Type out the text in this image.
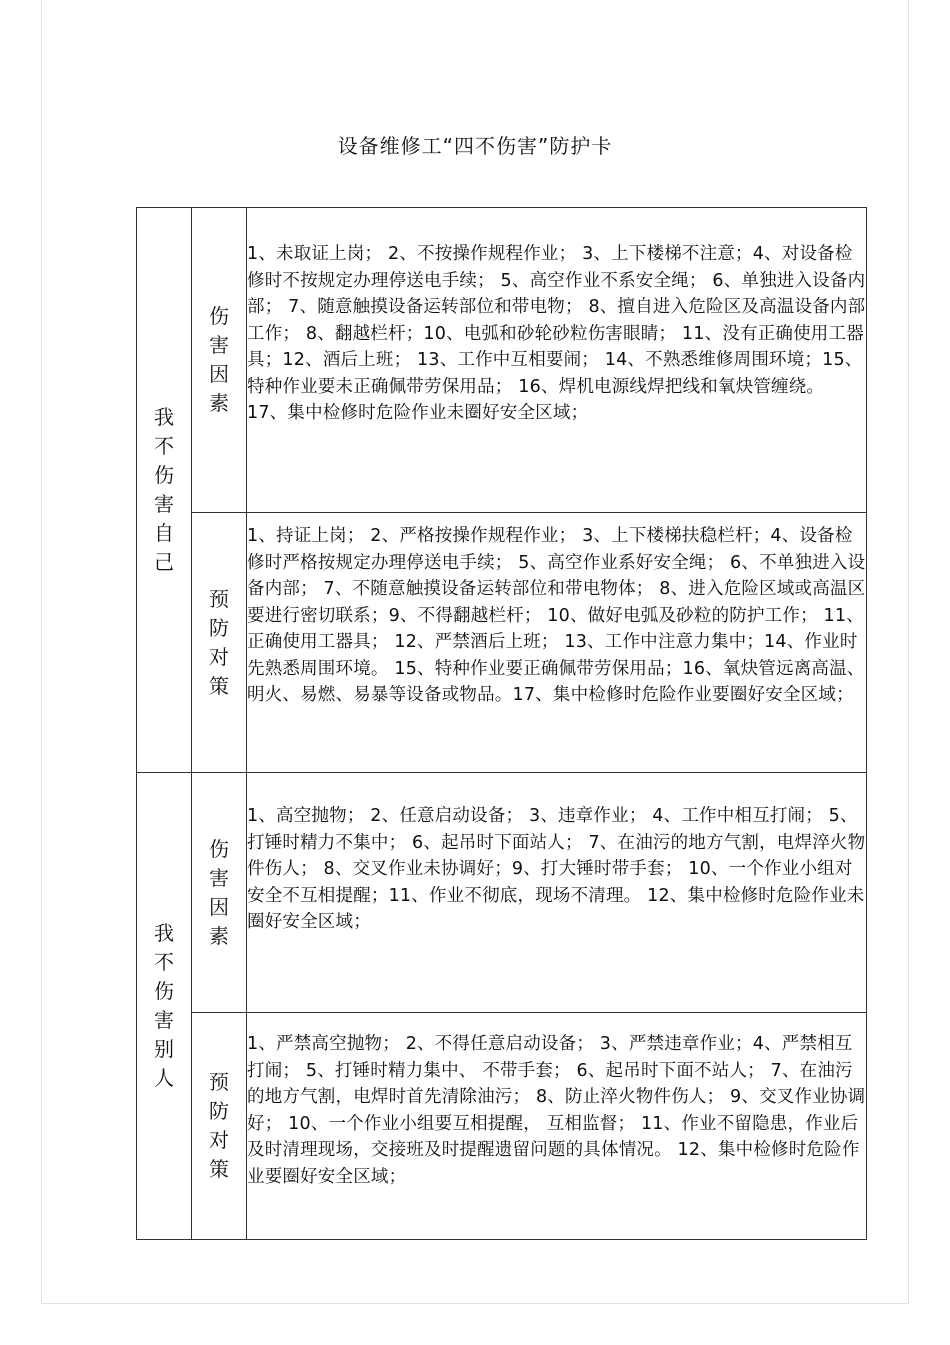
设备维修工“四不伤害”防护卡
我不伤害自己	伤害因素	1、未取证上岗； 2、不按操作规程作业； 3、上下楼梯不注意；4、对设备检修时不按规定办理停送电手续； 5、高空作业不系安全绳； 6、单独进入设备内部； 7、随意触摸设备运转部位和带电物； 8、擅自进入危险区及高温设备内部工作； 8、翻越栏杆；10、电弧和砂轮砂粒伤害眼睛； 11、没有正确使用工器具；12、酒后上班； 13、工作中互相要闹； 14、不熟悉维修周围环境；15、特种作业要未正确佩带劳保用品； 16、焊机电源线焊把线和氧炔管缠绕。 17、集中检修时危险作业未圈好安全区域；

	预防对策	1、持证上岗； 2、严格按操作规程作业； 3、上下楼梯扶稳栏杆；4、设备检修时严格按规定办理停送电手续； 5、高空作业系好安全绳； 6、不单独进入设备内部； 7、不随意触摸设备运转部位和带电物体； 8、进入危险区域或高温区要进行密切联系；9、不得翻越栏杆； 10、做好电弧及砂粒的防护工作； 11、正确使用工器具； 12、严禁酒后上班； 13、工作中注意力集中；14、作业时先熟悉周围环境。 15、特种作业要正确佩带劳保用品；16、氧炔管远离高温、明火、易燃、易暴等设备或物品。17、集中检修时危险作业要圈好安全区域；

我不伤害别人	伤害因素	1、高空抛物； 2、任意启动设备； 3、违章作业； 4、工作中相互打闹； 5、打锤时精力不集中； 6、起吊时下面站人； 7、在油污的地方气割，电焊淬火物件伤人； 8、交叉作业未协调好；9、打大锤时带手套； 10、一个作业小组对安全不互相提醒；11、作业不彻底，现场不清理。 12、集中检修时危险作业未圈好安全区域；

	预防对策	1、严禁高空抛物； 2、不得任意启动设备； 3、严禁违章作业；4、严禁相互打闹； 5、打锤时精力集中、 不带手套； 6、起吊时下面不站人； 7、在油污的地方气割，电焊时首先清除油污； 8、防止淬火物件伤人； 9、交叉作业协调好； 10、一个作业小组要互相提醒， 互相监督； 11、作业不留隐患，作业后及时清理现场，交接班及时提醒遗留问题的具体情况。 12、集中检修时危险作业要圈好安全区域；
